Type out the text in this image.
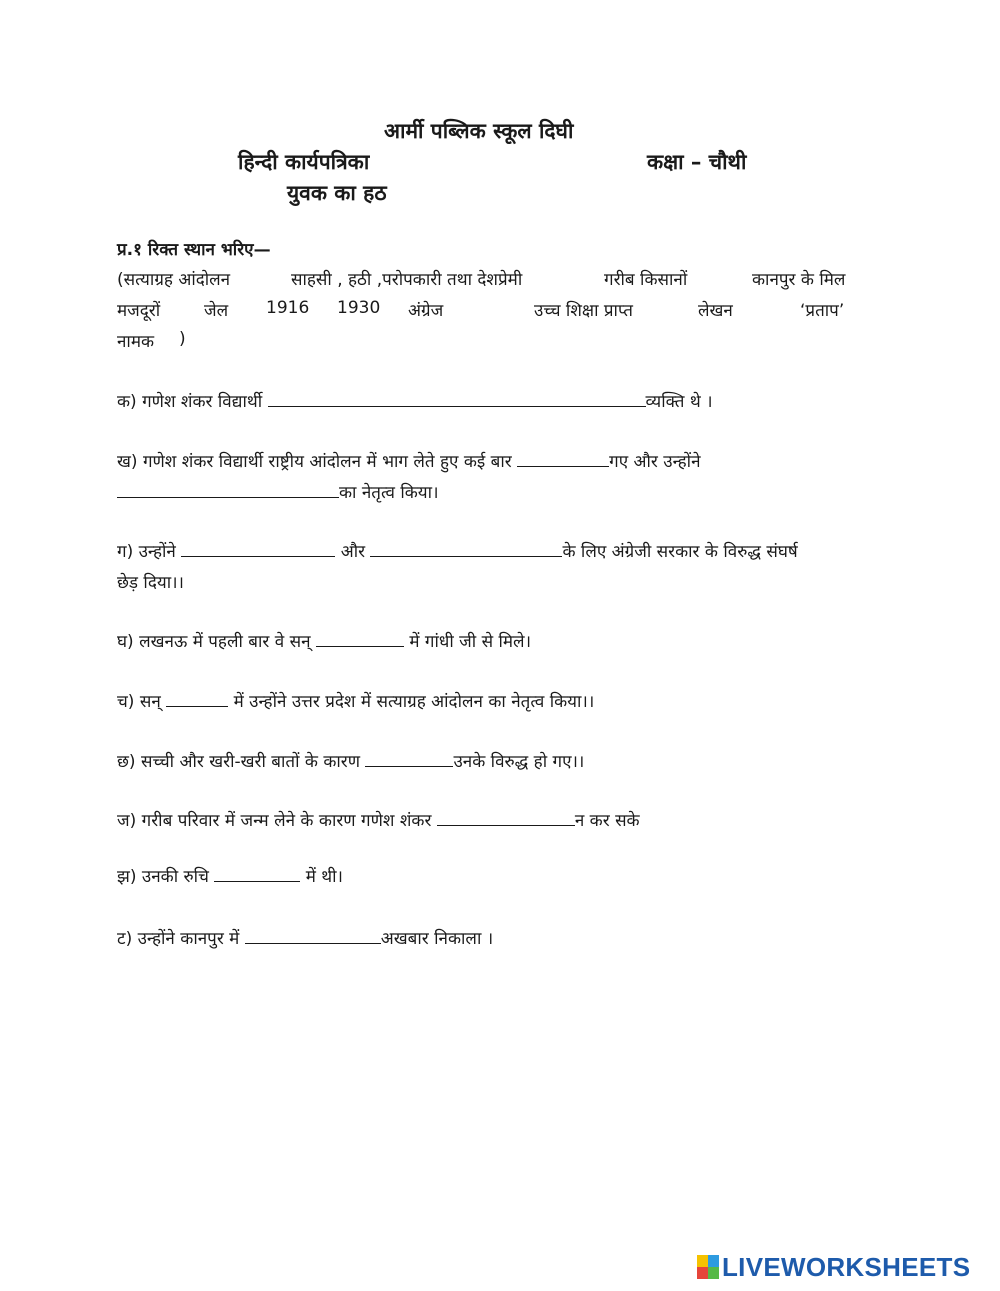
आर्मी पब्लिक स्कूल दिघी
हिन्दी कार्यपत्रिका	कक्षा – चौथी
युवक का हठ
प्र.१ रिक्त स्थान भरिए—
(सत्याग्रह आंदोलन	साहसी , हठी ,परोपकारी तथा देशप्रेमी	गरीब किसानों	कानपुर के मिल
मजदूरों	जेल 1916 1930 अंग्रेज	उच्च शिक्षा प्राप्त	लेखन	‘प्रताप’
नामक )
क) गणेश शंकर विद्यार्थी	व्यक्ति थे ।
ख) गणेश शंकर विद्यार्थी राष्ट्रीय आंदोलन में भाग लेते हुए कई बार	गए और उन्होंने
का नेतृत्व किया।
ग) उन्होंने	और	के लिए अंग्रेजी सरकार के विरुद्ध संघर्ष
छेड़ दिया।।
घ) लखनऊ में पहली बार वे सन्	में गांधी जी से मिले।
च) सन्	में उन्होंने उत्तर प्रदेश में सत्याग्रह आंदोलन का नेतृत्व किया।।
छ) सच्ची और खरी-खरी बातों के कारण	उनके विरुद्ध हो गए।।
ज) गरीब परिवार में जन्म लेने के कारण गणेश शंकर	न कर सके
झ) उनकी रुचि	में थी।
ट) उन्होंने कानपुर में	अखबार निकाला ।
LIVEWORKSHEETS
